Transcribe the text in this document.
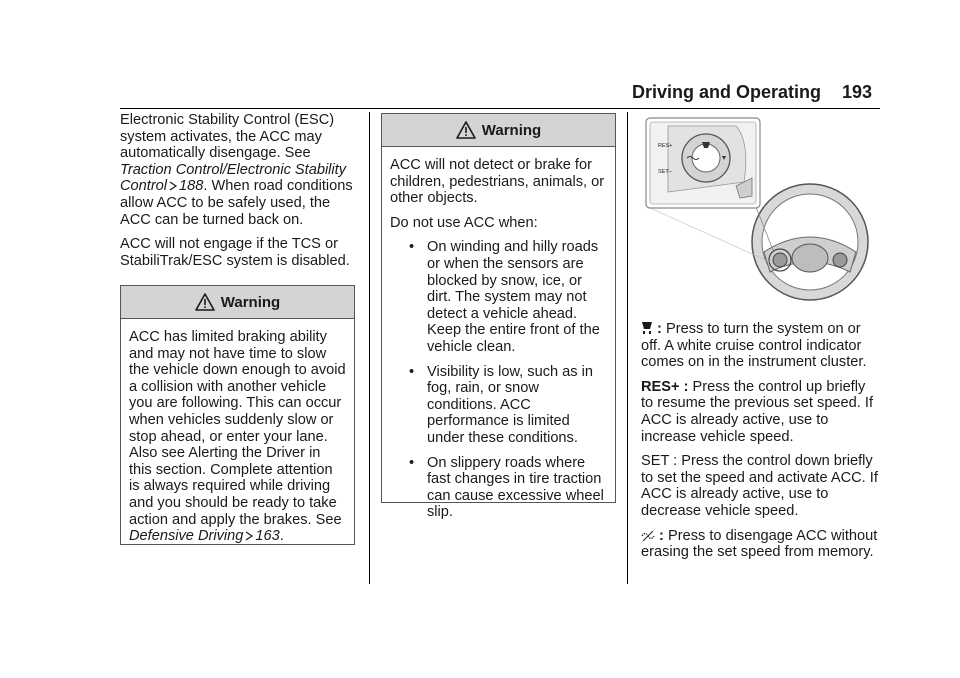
Driving and Operating 193

Electronic Stability Control (ESC) system activates, the ACC may automatically disengage. See Traction Control/Electronic Stability Control 188. When road conditions allow ACC to be safely used, the ACC can be turned back on.

ACC will not engage if the TCS or StabiliTrak/ESC system is disabled.

Warning

ACC has limited braking ability and may not have time to slow the vehicle down enough to avoid a collision with another vehicle you are following. This can occur when vehicles suddenly slow or stop ahead, or enter your lane. Also see Alerting the Driver in this section. Complete attention is always required while driving and you should be ready to take action and apply the brakes. See Defensive Driving 163.

Warning

ACC will not detect or brake for children, pedestrians, animals, or other objects.

Do not use ACC when:

• On winding and hilly roads or when the sensors are blocked by snow, ice, or dirt. The system may not detect a vehicle ahead. Keep the entire front of the vehicle clean.
• Visibility is low, such as in fog, rain, or snow conditions. ACC performance is limited under these conditions.
• On slippery roads where fast changes in tire traction can cause excessive wheel slip.
RES+
SET−

: Press to turn the system on or off. A white cruise control indicator comes on in the instrument cluster.

RES+ : Press the control up briefly to resume the previous set speed. If ACC is already active, use to increase vehicle speed.

SET : Press the control down briefly to set the speed and activate ACC. If ACC is already active, use to decrease vehicle speed.

: Press to disengage ACC without erasing the set speed from memory.
